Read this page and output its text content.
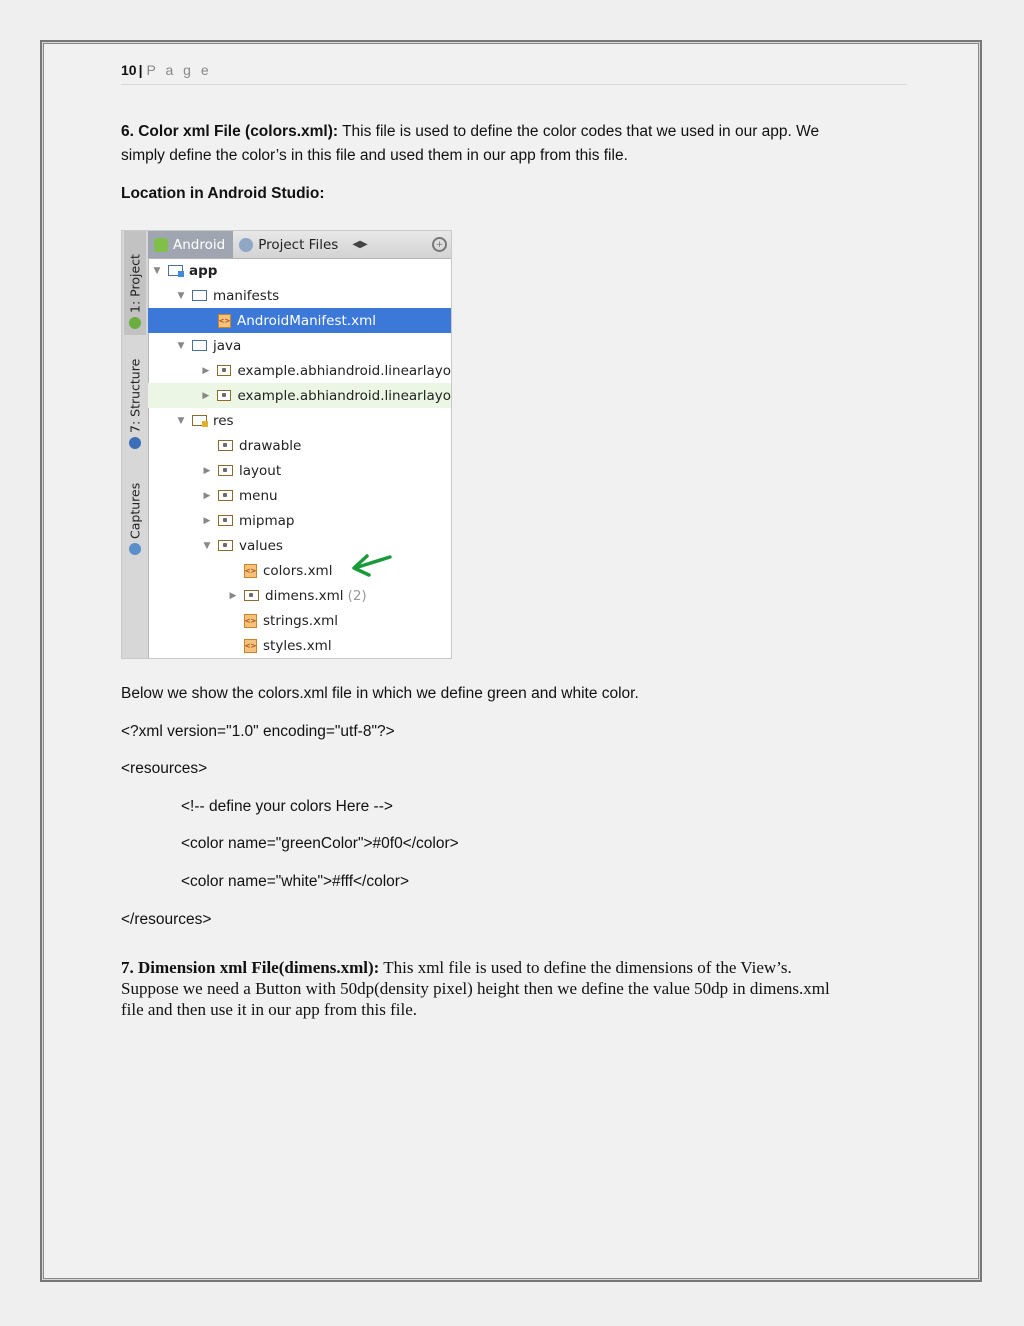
10 | P a g e
6. Color xml File (colors.xml): This file is used to define the color codes that we used in our app. We
simply define the color’s in this file and used them in our app from this file.
Location in Android Studio:
1: Project
7: Structure
Captures
Android Project Files	◀▶	+
▼ app
▼ manifests
<> AndroidManifest.xml
▼ java
▶ example.abhiandroid.linearlayo
▶ example.abhiandroid.linearlayo
▼ res
drawable
▶ layout
▶ menu
▶ mipmap
▼ values
<> colors.xml
▶ dimens.xml (2)
<> strings.xml
<> styles.xml
Below we show the colors.xml file in which we define green and white color.
<?xml version="1.0" encoding="utf-8"?>
<resources>
<!-- define your colors Here -->
<color name="greenColor">#0f0</color>
<color name="white">#fff</color>
</resources>
7. Dimension xml File(dimens.xml): This xml file is used to define the dimensions of the View’s.
Suppose we need a Button with 50dp(density pixel) height then we define the value 50dp in dimens.xml
file and then use it in our app from this file.
